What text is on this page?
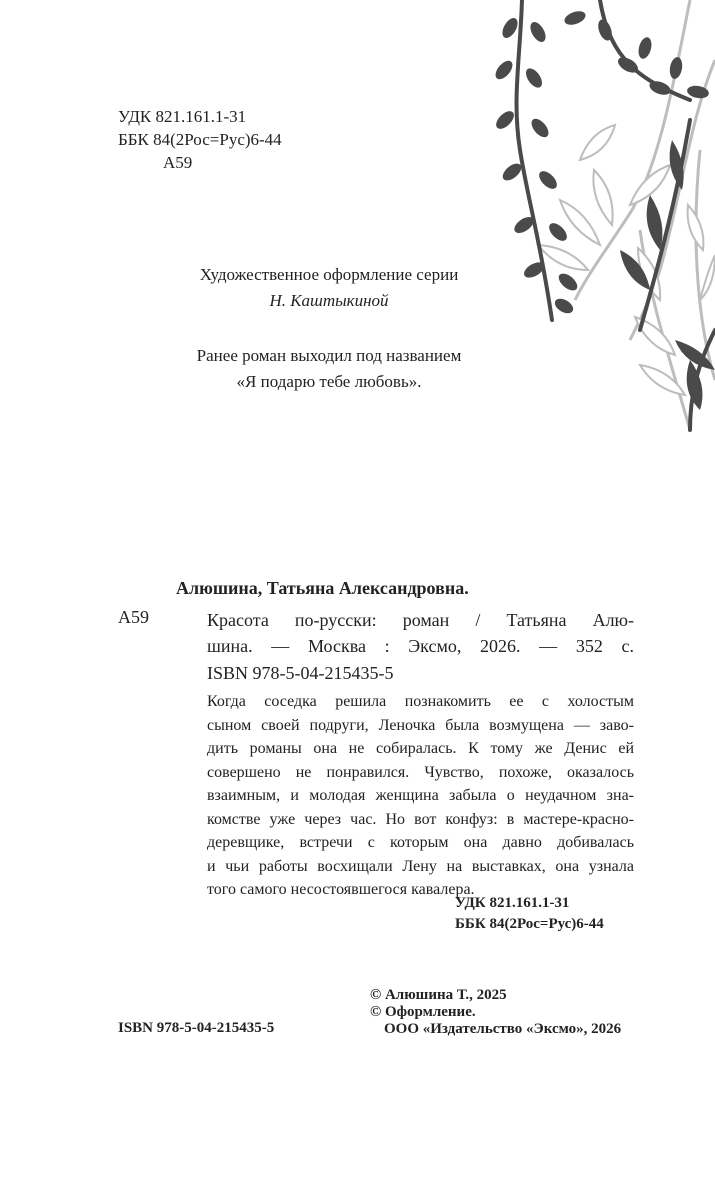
УДК 821.161.1-31
ББК 84(2Рос=Рус)6-44
А59
Художественное оформление серии
Н. Каштыкиной
Ранее роман выходил под названием
«Я подарю тебе любовь».
Алюшина, Татьяна Александровна.
А59	Красота по-русски: роман / Татьяна Алю-
шина. — Москва : Эксмо, 2026. — 352 с.
ISBN 978-5-04-215435-5
Когда соседка решила познакомить ее с холостым
сыном своей подруги, Леночка была возмущена — заво-
дить романы она не собиралась. К тому же Денис ей
совершено не понравился. Чувство, похоже, оказалось
взаимным, и молодая женщина забыла о неудачном зна-
комстве уже через час. Но вот конфуз: в мастере-красно-
деревщике, встречи с которым она давно добивалась
и чьи работы восхищали Лену на выставках, она узнала
того самого несостоявшегося кавалера.
УДК 821.161.1-31
ББК 84(2Рос=Рус)6-44
© Алюшина Т., 2025
© Оформление.
ООО «Издательство «Эксмо», 2026
ISBN 978-5-04-215435-5
